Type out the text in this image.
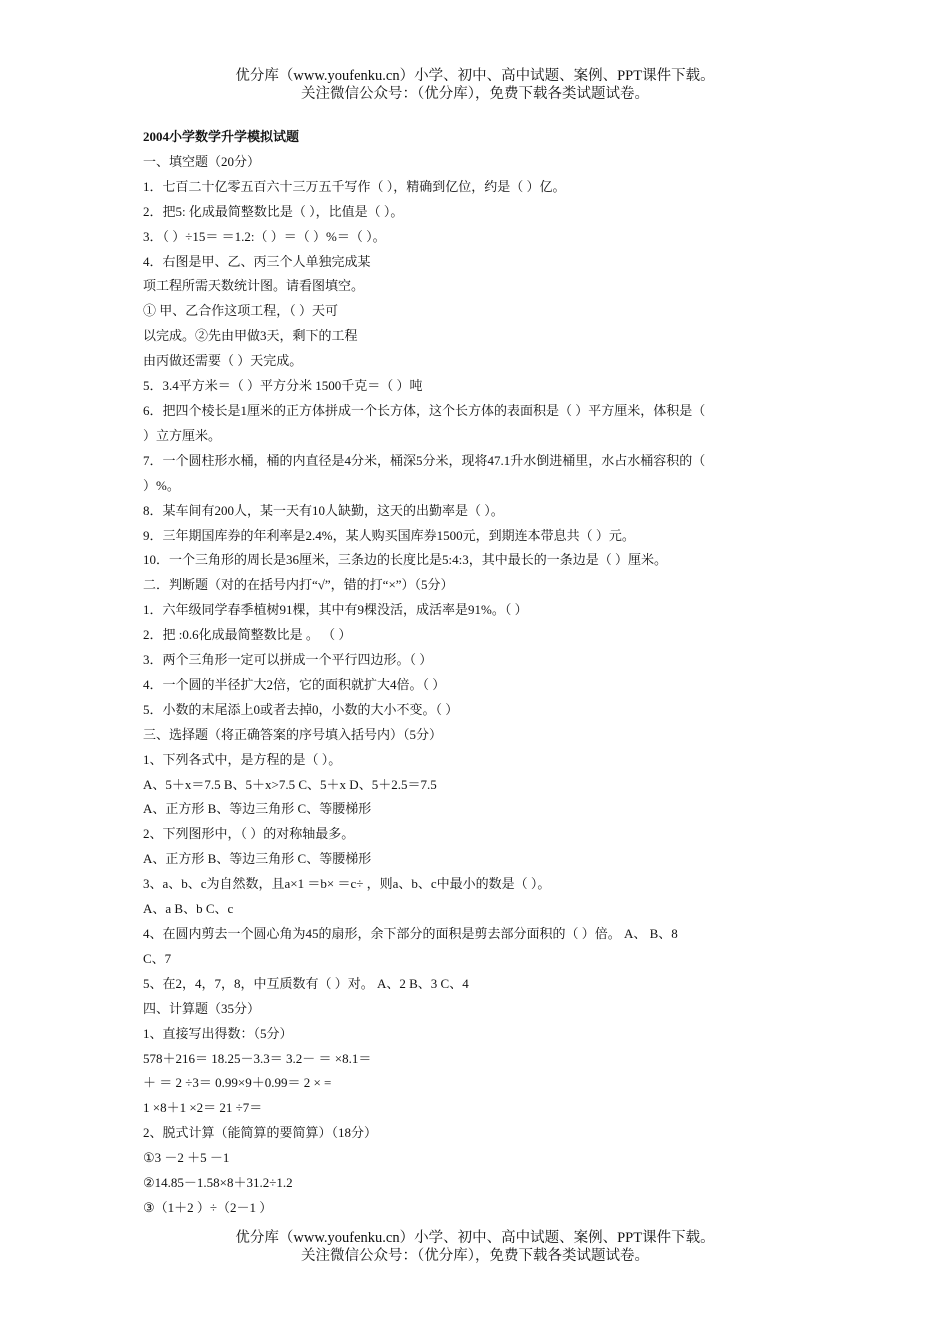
优分库（www.youfenku.cn）小学、初中、高中试题、案例、PPT课件下载。
关注微信公众号：（优分库），免费下载各类试题试卷。
2004小学数学升学模拟试题
一、填空题（20分）
1．七百二十亿零五百六十三万五千写作（ ），精确到亿位，约是（ ）亿。
2．把5: 化成最简整数比是（ ），比值是（ ）。
3．（ ）÷15＝ ＝1.2:（ ）＝（ ）%＝（ ）。
4．右图是甲、乙、丙三个人单独完成某
项工程所需天数统计图。请看图填空。
① 甲、乙合作这项工程，（ ）天可
以完成。②先由甲做3天，剩下的工程
由丙做还需要（ ）天完成。
5．3.4平方米＝（ ）平方分米 1500千克＝（ ）吨
6．把四个棱长是1厘米的正方体拼成一个长方体，这个长方体的表面积是（ ）平方厘米，体积是（
）立方厘米。
7．一个圆柱形水桶，桶的内直径是4分米，桶深5分米，现将47.1升水倒进桶里，水占水桶容积的（
）%。
8．某车间有200人，某一天有10人缺勤，这天的出勤率是（ ）。
9．三年期国库券的年利率是2.4%，某人购买国库券1500元，到期连本带息共（ ）元。
10．一个三角形的周长是36厘米，三条边的长度比是5:4:3，其中最长的一条边是（ ）厘米。
二．判断题（对的在括号内打“√”，错的打“×”）（5分）
1．六年级同学春季植树91棵，其中有9棵没活，成活率是91%。（ ）
2．把 :0.6化成最简整数比是 。 （ ）
3．两个三角形一定可以拼成一个平行四边形。（ ）
4．一个圆的半径扩大2倍，它的面积就扩大4倍。（ ）
5．小数的末尾添上0或者去掉0，小数的大小不变。（ ）
三、选择题（将正确答案的序号填入括号内）（5分）
1、下列各式中，是方程的是（ ）。
A、5＋x＝7.5 B、5＋x>7.5 C、5＋x D、5＋2.5＝7.5
A、正方形 B、等边三角形 C、等腰梯形
2、下列图形中，（ ）的对称轴最多。
A、正方形 B、等边三角形 C、等腰梯形
3、a、b、c为自然数，且a×1 ＝b× ＝c÷ ，则a、b、c中最小的数是（ ）。
A、a B、b C、c
4、在圆内剪去一个圆心角为45的扇形，余下部分的面积是剪去部分面积的（ ）倍。 A、 B、8
C、7
5、在2，4，7，8，中互质数有（ ）对。 A、2 B、3 C、4
四、计算题（35分）
1、直接写出得数：（5分）
578＋216＝ 18.25－3.3＝ 3.2－ ＝ ×8.1＝
＋ ＝ 2 ÷3＝ 0.99×9＋0.99＝ 2 × =
1 ×8＋1 ×2＝ 21 ÷7＝
2、脱式计算（能简算的要简算）（18分）
①3 －2 ＋5 －1
②14.85－1.58×8＋31.2÷1.2
③（1＋2 ）÷（2－1 ）
优分库（www.youfenku.cn）小学、初中、高中试题、案例、PPT课件下载。
关注微信公众号：（优分库），免费下载各类试题试卷。
